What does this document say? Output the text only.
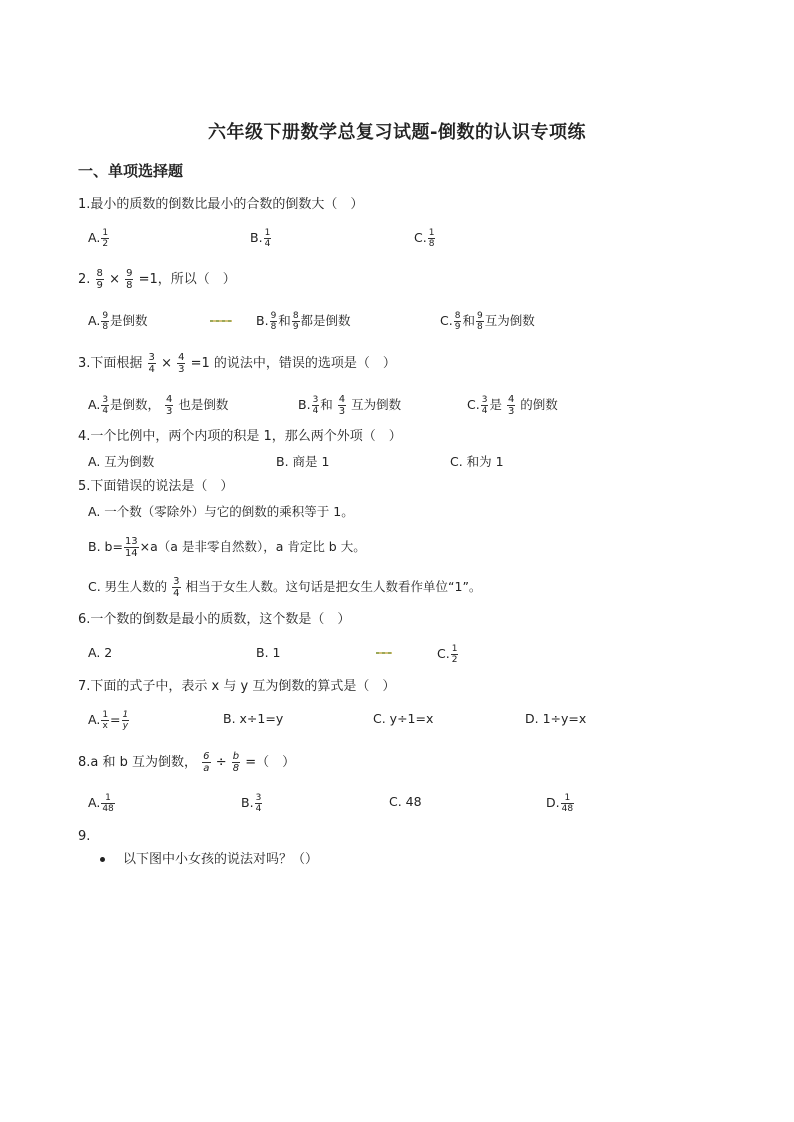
六年级下册数学总复习试题-倒数的认识专项练
一、单项选择题
1.最小的质数的倒数比最小的合数的倒数大（　）
A. $\frac{1}{2}$	B. $\frac{1}{4}$	C. $\frac{1}{8}$
2. $\frac{8}{9} \times \frac{9}{8} =1$，所以（　）
A. $\frac{9}{8}$ 是倒数	B. $\frac{9}{8}$ 和 $\frac{8}{9}$ 都是倒数	C. $\frac{8}{9}$ 和 $\frac{9}{8}$ 互为倒数
3.下面根据 $\frac{3}{4} \times \frac{4}{3} =1$ 的说法中，错误的选项是（　）
A. $\frac{3}{4}$ 是倒数， $\frac{4}{3}$ 也是倒数	B. $\frac{3}{4}$ 和 $\frac{4}{3}$ 互为倒数	C. $\frac{3}{4}$ 是 $\frac{4}{3}$ 的倒数
4.一个比例中，两个内项的积是 1，那么两个外项（　）
A. 互为倒数	B. 商是 1	C. 和为 1
5.下面错误的说法是（　）
A. 一个数（零除外）与它的倒数的乘积等于 1。
B. $b= \frac{13}{14} \times a(a$ 是非零自然数），a 肯定比 b 大。
C. 男生人数的 $\frac{3}{4}$ 相当于女生人数。这句话是把女生人数看作单位“1”。
6.一个数的倒数是最小的质数，这个数是（　）
A. 2	B. 1	C. $\frac{1}{2}$
7.下面的式子中，表示 x 与 y 互为倒数的算式是（　）
A. $\frac{1}{x} = \frac{1}{y}$	B. x÷1=y	C. y÷1=x	D. 1÷y=x
8.a 和 b 互为倒数， $\frac{6}{a} \div \frac{b}{8}$ =（　）
A. $\frac{1}{48}$	B. $\frac{3}{4}$	C. 48	D. $\frac{1}{48}$
9.
以下图中小女孩的说法对吗？（）
